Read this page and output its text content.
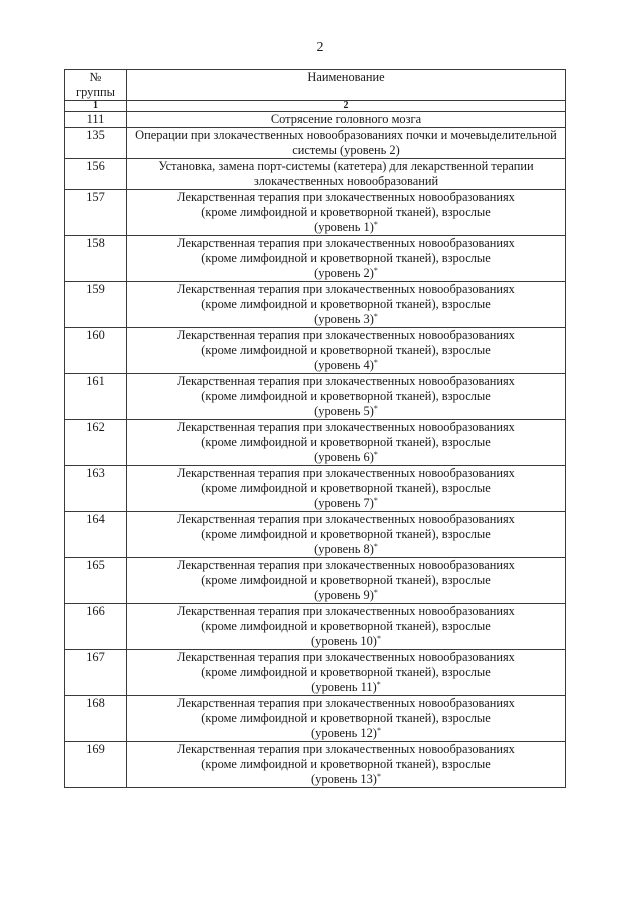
2
№
группы	Наименование
1	2
111	Сотрясение головного мозга

135	Операции при злокачественных новообразованиях почки и мочевыделительной
системы (уровень 2)

156	Установка, замена порт-системы (катетера) для лекарственной терапии
злокачественных новообразований

157	Лекарственная терапия при злокачественных новообразованиях
(кроме лимфоидной и кроветворной тканей), взрослые
(уровень 1)*

158	Лекарственная терапия при злокачественных новообразованиях
(кроме лимфоидной и кроветворной тканей), взрослые
(уровень 2)*

159	Лекарственная терапия при злокачественных новообразованиях
(кроме лимфоидной и кроветворной тканей), взрослые
(уровень 3)*

160	Лекарственная терапия при злокачественных новообразованиях
(кроме лимфоидной и кроветворной тканей), взрослые
(уровень 4)*

161	Лекарственная терапия при злокачественных новообразованиях
(кроме лимфоидной и кроветворной тканей), взрослые
(уровень 5)*

162	Лекарственная терапия при злокачественных новообразованиях
(кроме лимфоидной и кроветворной тканей), взрослые
(уровень 6)*

163	Лекарственная терапия при злокачественных новообразованиях
(кроме лимфоидной и кроветворной тканей), взрослые
(уровень 7)*

164	Лекарственная терапия при злокачественных новообразованиях
(кроме лимфоидной и кроветворной тканей), взрослые
(уровень 8)*

165	Лекарственная терапия при злокачественных новообразованиях
(кроме лимфоидной и кроветворной тканей), взрослые
(уровень 9)*

166	Лекарственная терапия при злокачественных новообразованиях
(кроме лимфоидной и кроветворной тканей), взрослые
(уровень 10)*

167	Лекарственная терапия при злокачественных новообразованиях
(кроме лимфоидной и кроветворной тканей), взрослые
(уровень 11)*

168	Лекарственная терапия при злокачественных новообразованиях
(кроме лимфоидной и кроветворной тканей), взрослые
(уровень 12)*

169	Лекарственная терапия при злокачественных новообразованиях
(кроме лимфоидной и кроветворной тканей), взрослые
(уровень 13)*
